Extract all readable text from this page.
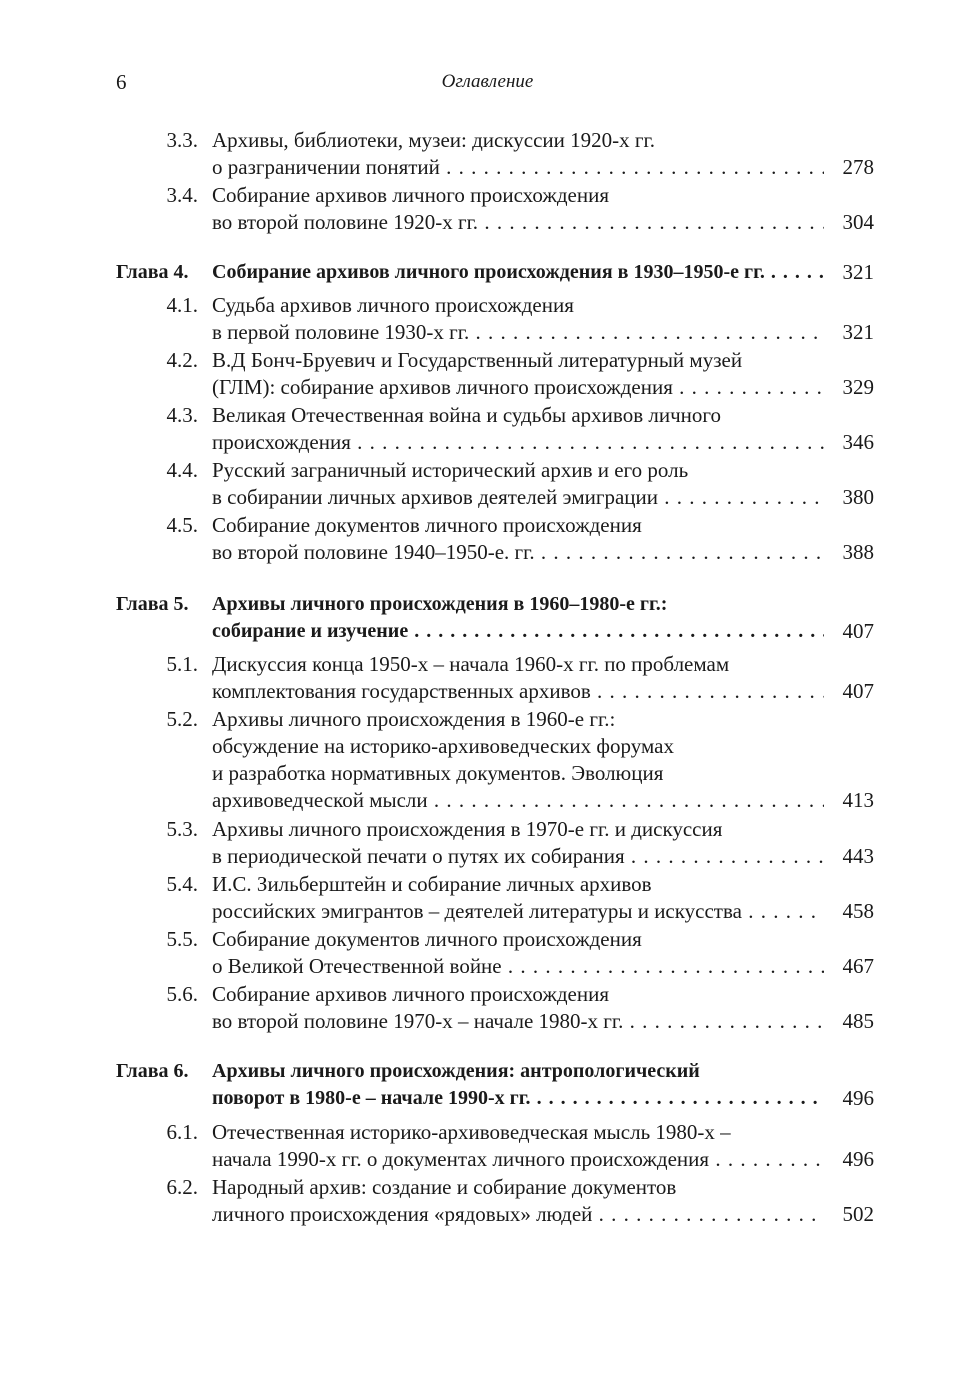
6	Оглавление
3.3. Архивы, библиотеки, музеи: дискуссии 1920-х гг.
о разграничении понятий . . .	278
3.4. Собирание архивов личного происхождения
во второй половине 1920-х гг. . . .	304
Глава 4.	Собирание архивов личного происхождения в 1930–1950-е гг. . . .	321
4.1. Судьба архивов личного происхождения
в первой половине 1930-х гг. . . .	321
4.2. В.Д Бонч-Бруевич и Государственный литературный музей
(ГЛМ): собирание архивов личного происхождения . . .	329
4.3. Великая Отечественная война и судьбы архивов личного
происхождения . . .	346
4.4. Русский заграничный исторический архив и его роль
в собирании личных архивов деятелей эмиграции . . .	380
4.5. Собирание документов личного происхождения
во второй половине 1940–1950-е. гг. . . .	388
Глава 5.	Архивы личного происхождения в 1960–1980-е гг.:
собирание и изучение . . .	407
5.1. Дискуссия конца 1950-х – начала 1960-х гг. по проблемам
комплектования государственных архивов . . .	407
5.2. Архивы личного происхождения в 1960-е гг.:
обсуждение на историко-архивоведческих форумах
и разработка нормативных документов. Эволюция
архивоведческой мысли . . .	413
5.3. Архивы личного происхождения в 1970-е гг. и дискуссия
в периодической печати о путях их собирания . . .	443
5.4. И.С. Зильберштейн и собирание личных архивов
российских эмигрантов – деятелей литературы и искусства . . .	458
5.5. Собирание документов личного происхождения
о Великой Отечественной войне . . .	467
5.6. Собирание архивов личного происхождения
во второй половине 1970-х – начале 1980-х гг. . . .	485
Глава 6.	Архивы личного происхождения: антропологический
поворот в 1980-е – начале 1990-х гг. . . .	496
6.1. Отечественная историко-архивоведческая мысль 1980-х –
начала 1990-х гг. о документах личного происхождения . . .	496
6.2. Народный архив: создание и собирание документов
личного происхождения «рядовых» людей . . .	502
